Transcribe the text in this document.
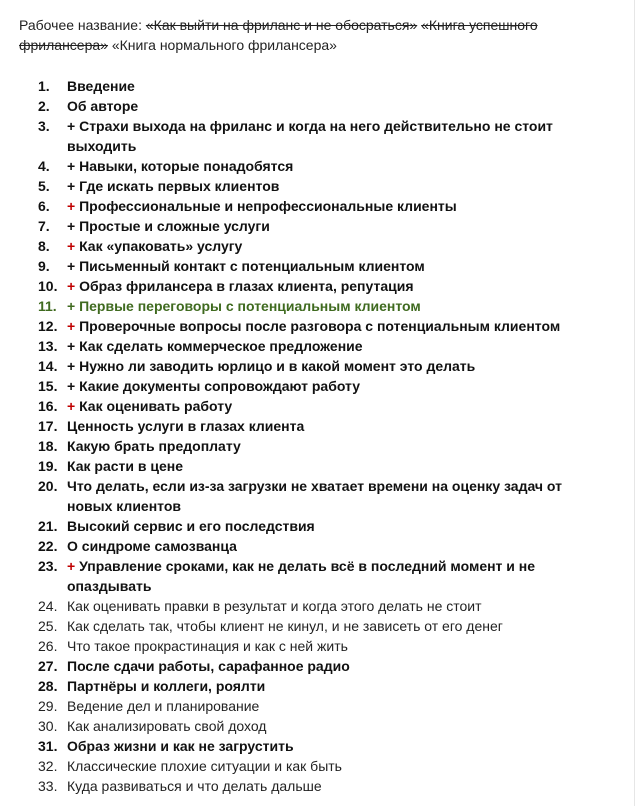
Рабочее название: «Как выйти на фриланс и не обосраться» «Книга успешного фрилансера» «Книга нормального фрилансера»
1.	Введение
2.	Об авторе
3.	+ Страхи выхода на фриланс и когда на него действительно не стоит выходить
4.	+ Навыки, которые понадобятся
5.	+ Где искать первых клиентов
6.	+ Профессиональные и непрофессиональные клиенты
7.	+ Простые и сложные услуги
8.	+ Как «упаковать» услугу
9.	+ Письменный контакт с потенциальным клиентом
10. + Образ фрилансера в глазах клиента, репутация
11. + Первые переговоры с потенциальным клиентом
12. + Проверочные вопросы после разговора с потенциальным клиентом
13. + Как сделать коммерческое предложение
14. + Нужно ли заводить юрлицо и в какой момент это делать
15. + Какие документы сопровождают работу
16. + Как оценивать работу
17. Ценность услуги в глазах клиента
18. Какую брать предоплату
19. Как расти в цене
20. Что делать, если из-за загрузки не хватает времени на оценку задач от новых клиентов
21. Высокий сервис и его последствия
22. О синдроме самозванца
23. + Управление сроками, как не делать всё в последний момент и не опаздывать
24. Как оценивать правки в результат и когда этого делать не стоит
25. Как сделать так, чтобы клиент не кинул, и не зависеть от его денег
26. Что такое прокрастинация и как с ней жить
27. После сдачи работы, сарафанное радио
28. Партнёры и коллеги, роялти
29. Ведение дел и планирование
30. Как анализировать свой доход
31. Образ жизни и как не загрустить
32. Классические плохие ситуации и как быть
33. Куда развиваться и что делать дальше
